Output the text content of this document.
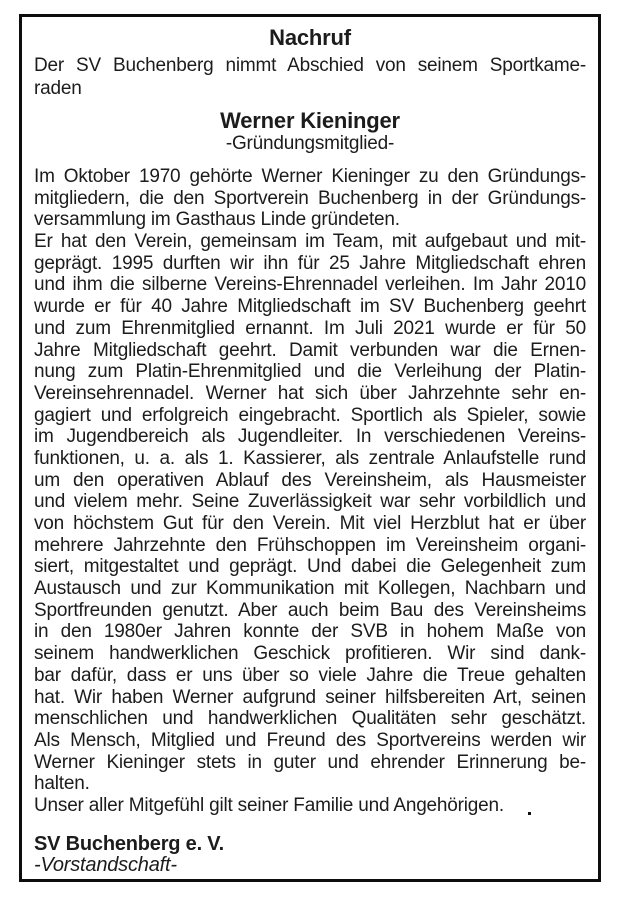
Nachruf
Der SV Buchenberg nimmt Abschied von seinem Sportkame-
raden
Werner Kieninger
-Gründungsmitglied-
Im Oktober 1970 gehörte Werner Kieninger zu den Gründungs-
mitgliedern, die den Sportverein Buchenberg in der Gründungs-
versammlung im Gasthaus Linde gründeten.
Er hat den Verein, gemeinsam im Team, mit aufgebaut und mit-
geprägt. 1995 durften wir ihn für 25 Jahre Mitgliedschaft ehren
und ihm die silberne Vereins-Ehrennadel verleihen. Im Jahr 2010
wurde er für 40 Jahre Mitgliedschaft im SV Buchenberg geehrt
und zum Ehrenmitglied ernannt. Im Juli 2021 wurde er für 50
Jahre Mitgliedschaft geehrt. Damit verbunden war die Ernen-
nung zum Platin-Ehrenmitglied und die Verleihung der Platin-
Vereinsehrennadel. Werner hat sich über Jahrzehnte sehr en-
gagiert und erfolgreich eingebracht. Sportlich als Spieler, sowie
im Jugendbereich als Jugendleiter. In verschiedenen Vereins-
funktionen, u. a. als 1. Kassierer, als zentrale Anlaufstelle rund
um den operativen Ablauf des Vereinsheim, als Hausmeister
und vielem mehr. Seine Zuverlässigkeit war sehr vorbildlich und
von höchstem Gut für den Verein. Mit viel Herzblut hat er über
mehrere Jahrzehnte den Frühschoppen im Vereinsheim organi-
siert, mitgestaltet und geprägt. Und dabei die Gelegenheit zum
Austausch und zur Kommunikation mit Kollegen, Nachbarn und
Sportfreunden genutzt. Aber auch beim Bau des Vereinsheims
in den 1980er Jahren konnte der SVB in hohem Maße von
seinem handwerklichen Geschick profitieren. Wir sind dank-
bar dafür, dass er uns über so viele Jahre die Treue gehalten
hat. Wir haben Werner aufgrund seiner hilfsbereiten Art, seinen
menschlichen und handwerklichen Qualitäten sehr geschätzt.
Als Mensch, Mitglied und Freund des Sportvereins werden wir
Werner Kieninger stets in guter und ehrender Erinnerung be-
halten.
Unser aller Mitgefühl gilt seiner Familie und Angehörigen.
SV Buchenberg e. V.
-Vorstandschaft-
